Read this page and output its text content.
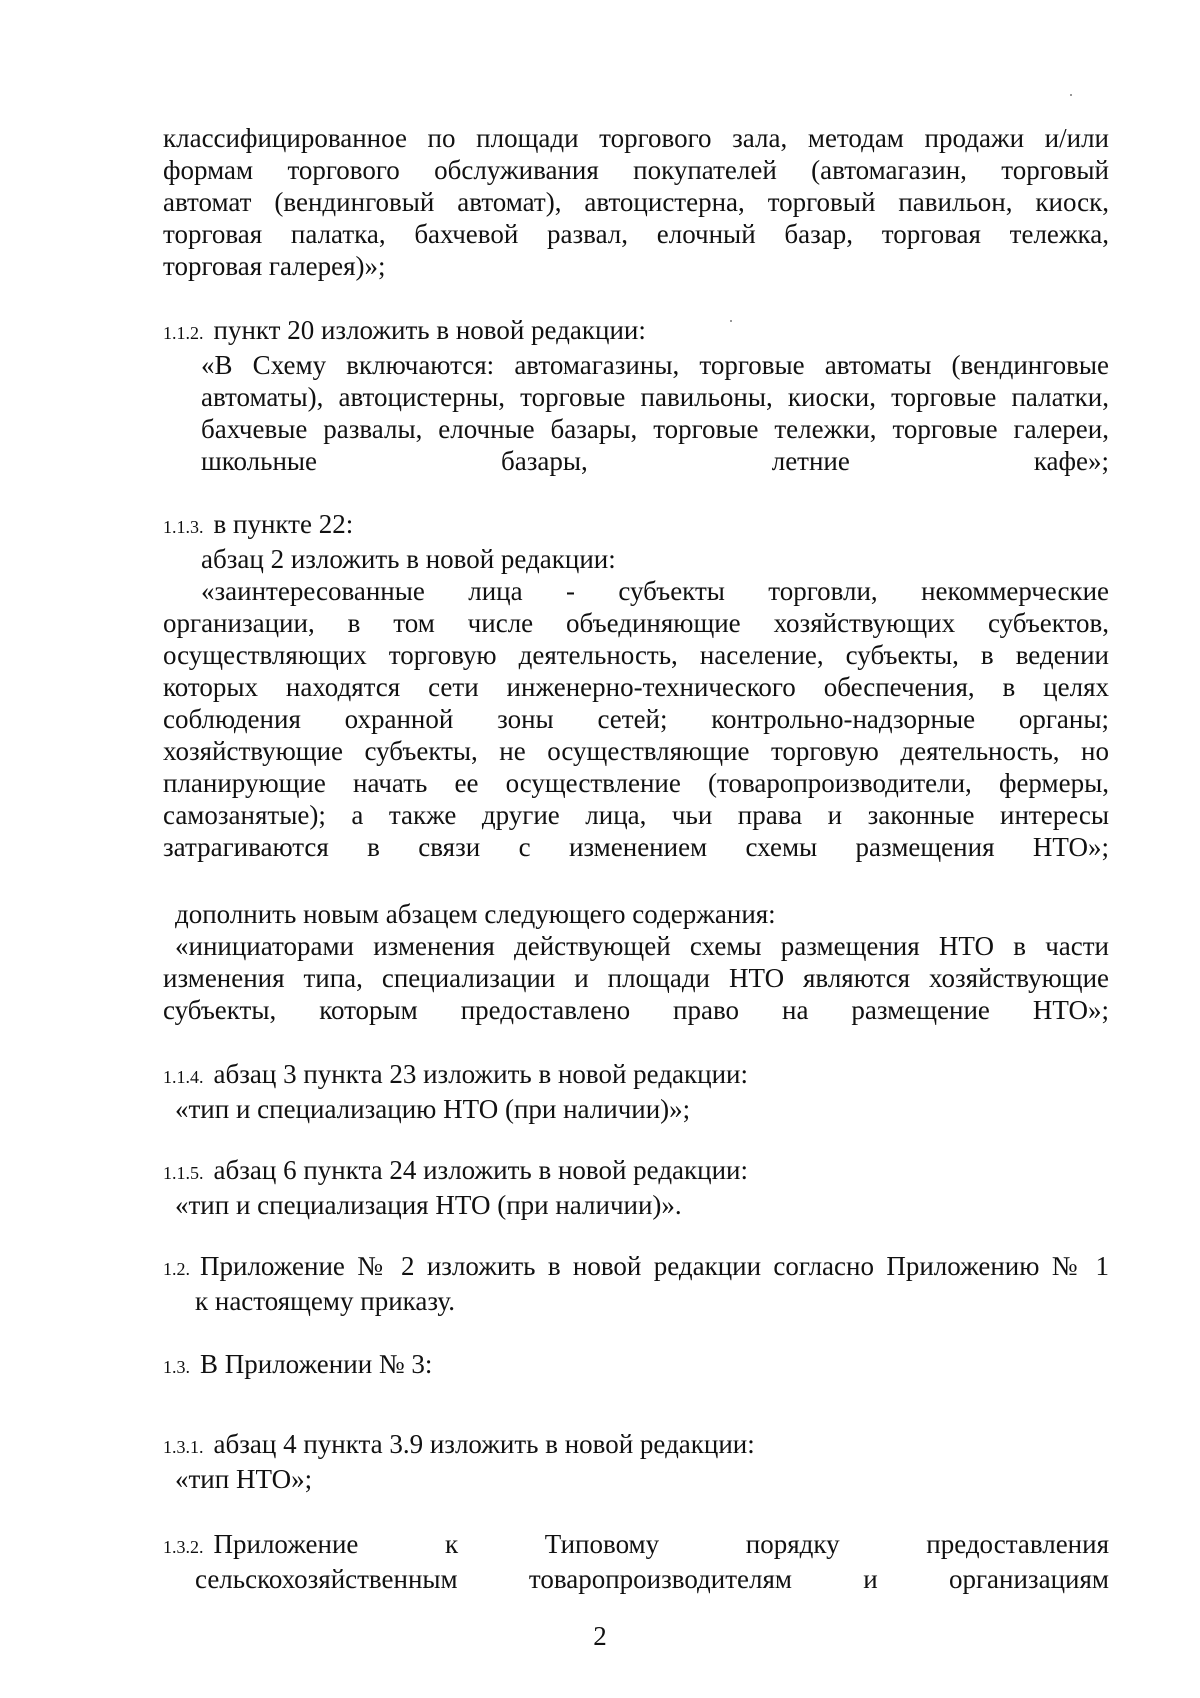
классифицированное по площади торгового зала, методам продажи и/или
формам торгового обслуживания покупателей (автомагазин, торговый
автомат (вендинговый автомат), автоцистерна, торговый павильон, киоск,
торговая палатка, бахчевой развал, елочный базар, торговая тележка,
торговая галерея)»;
1.1.2. пункт 20 изложить в новой редакции:
«В Схему включаются: автомагазины, торговые автоматы (вендинговые
автоматы), автоцистерны, торговые павильоны, киоски, торговые палатки,
бахчевые развалы, елочные базары, торговые тележки, торговые галереи,
школьные базары, летние кафе»;
1.1.3. в пункте 22:
абзац 2 изложить в новой редакции:
«заинтересованные лица - субъекты торговли, некоммерческие
организации, в том числе объединяющие хозяйствующих субъектов,
осуществляющих торговую деятельность, население, субъекты, в ведении
которых находятся сети инженерно-технического обеспечения, в целях
соблюдения охранной зоны сетей; контрольно-надзорные органы;
хозяйствующие субъекты, не осуществляющие торговую деятельность, но
планирующие начать ее осуществление (товаропроизводители, фермеры,
самозанятые); а также другие лица, чьи права и законные интересы
затрагиваются в связи с изменением схемы размещения НТО»;
дополнить новым абзацем следующего содержания:
«инициаторами изменения действующей схемы размещения НТО в части
изменения типа, специализации и площади НТО являются хозяйствующие
субъекты, которым предоставлено право на размещение НТО»;
1.1.4. абзац 3 пункта 23 изложить в новой редакции:
«тип и специализацию НТО (при наличии)»;
1.1.5. абзац 6 пункта 24 изложить в новой редакции:
«тип и специализация НТО (при наличии)».
1.2. Приложение № 2 изложить в новой редакции согласно Приложению № 1
к настоящему приказу.
1.3. В Приложении № 3:
1.3.1. абзац 4 пункта 3.9 изложить в новой редакции:
«тип НТО»;
1.3.2. Приложение к Типовому порядку предоставления
сельскохозяйственным товаропроизводителям и организациям
2
